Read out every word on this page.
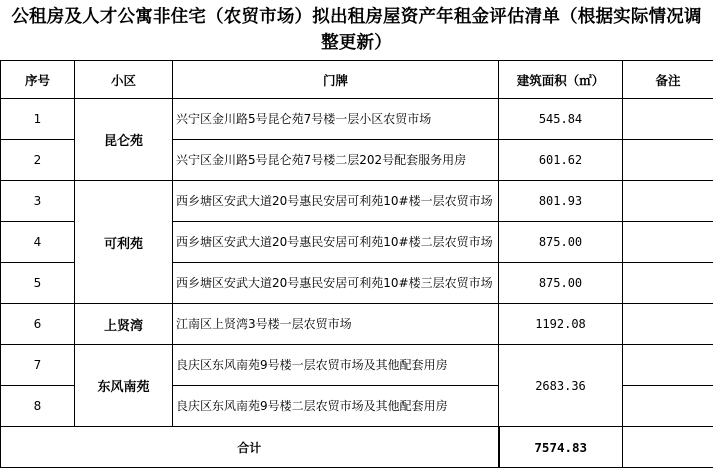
公租房及人才公寓非住宅（农贸市场）拟出租房屋资产年租金评估清单（根据实际情况调整更新）
序号	小区	门牌	建筑面积（㎡）	备注
1	昆仑苑	兴宁区金川路5号昆仑苑7号楼一层小区农贸市场	545.84	
2		兴宁区金川路5号昆仑苑7号楼二层202号配套服务用房	601.62	
3	可利苑	西乡塘区安武大道20号惠民安居可利苑10#楼一层农贸市场	801.93	
4		西乡塘区安武大道20号惠民安居可利苑10#楼二层农贸市场	875.00	
5		西乡塘区安武大道20号惠民安居可利苑10#楼三层农贸市场	875.00	
6	上贤湾	江南区上贤湾3号楼一层农贸市场	1192.08	
7	东风南苑	良庆区东风南苑9号楼一层农贸市场及其他配套用房	2683.36	
8		良庆区东风南苑9号楼二层农贸市场及其他配套用房		
合计			7574.83	
